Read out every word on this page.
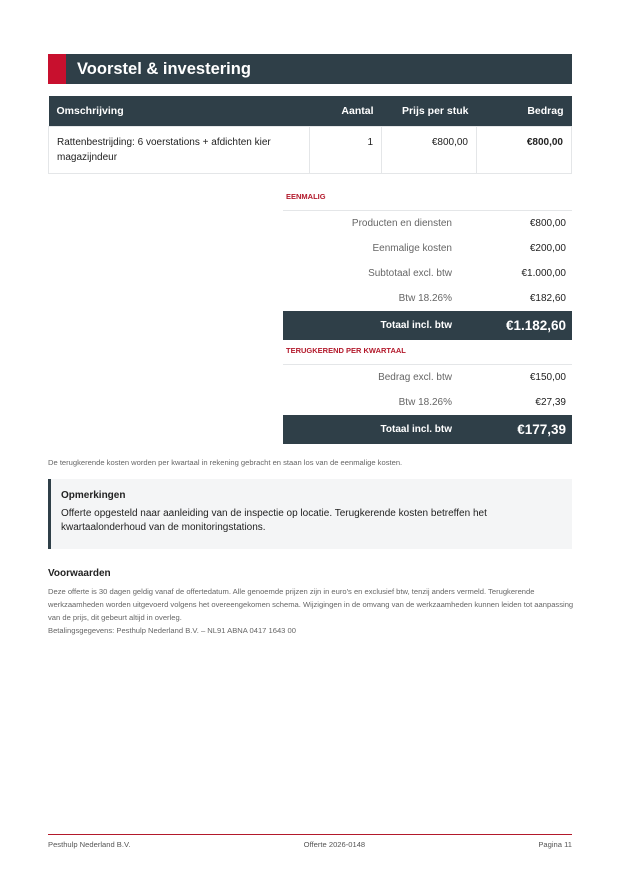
Voorstel & investering
Omschrijving	Aantal	Prijs per stuk	Bedrag
Rattenbestrijding: 6 voerstations + afdichten kier magazijndeur	1	€800,00	€800,00
EENMALIG
Producten en diensten	€800,00
Eenmalige kosten	€200,00
Subtotaal excl. btw	€1.000,00
Btw 18.26%	€182,60
Totaal incl. btw	€1.182,60
TERUGKEREND PER KWARTAAL
Bedrag excl. btw	€150,00
Btw 18.26%	€27,39
Totaal incl. btw	€177,39
De terugkerende kosten worden per kwartaal in rekening gebracht en staan los van de eenmalige kosten.
Opmerkingen
Offerte opgesteld naar aanleiding van de inspectie op locatie. Terugkerende kosten betreffen het kwartaalonderhoud van de monitoringstations.
Voorwaarden
Deze offerte is 30 dagen geldig vanaf de offertedatum. Alle genoemde prijzen zijn in euro's en exclusief btw, tenzij anders vermeld. Terugkerende werkzaamheden worden uitgevoerd volgens het overeengekomen schema. Wijzigingen in de omvang van de werkzaamheden kunnen leiden tot aanpassing van de prijs, dit gebeurt altijd in overleg.
Betalingsgegevens: Pesthulp Nederland B.V. – NL91 ABNA 0417 1643 00
Pesthulp Nederland B.V.	Offerte 2026-0148	Pagina 11
